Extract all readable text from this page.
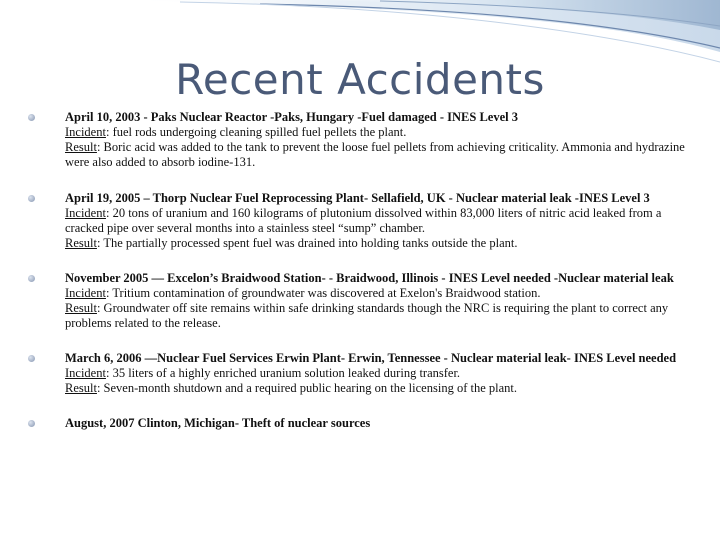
Recent Accidents
April 10, 2003 - Paks Nuclear Reactor -Paks, Hungary -Fuel damaged - INES Level 3
Incident: fuel rods undergoing cleaning spilled fuel pellets the plant.
Result: Boric acid was added to the tank to prevent the loose fuel pellets from achieving criticality. Ammonia and hydrazine were also added to absorb iodine-131.
April 19, 2005 – Thorp Nuclear Fuel Reprocessing Plant- Sellafield, UK - Nuclear material leak -INES Level 3
Incident: 20 tons of uranium and 160 kilograms of plutonium dissolved within 83,000 liters of nitric acid leaked from a cracked pipe over several months into a stainless steel “sump” chamber.
Result: The partially processed spent fuel was drained into holding tanks outside the plant.
November 2005 — Excelon’s Braidwood Station- - Braidwood, Illinois - INES Level needed -Nuclear material leak
Incident: Tritium contamination of groundwater was discovered at Exelon's Braidwood station.
Result: Groundwater off site remains within safe drinking standards though the NRC is requiring the plant to correct any problems related to the release.
March 6, 2006 —Nuclear Fuel Services Erwin Plant- Erwin, Tennessee - Nuclear material leak- INES Level needed
Incident: 35 liters of a highly enriched uranium solution leaked during transfer.
Result: Seven-month shutdown and a required public hearing on the licensing of the plant.
August, 2007 Clinton, Michigan- Theft of nuclear sources
